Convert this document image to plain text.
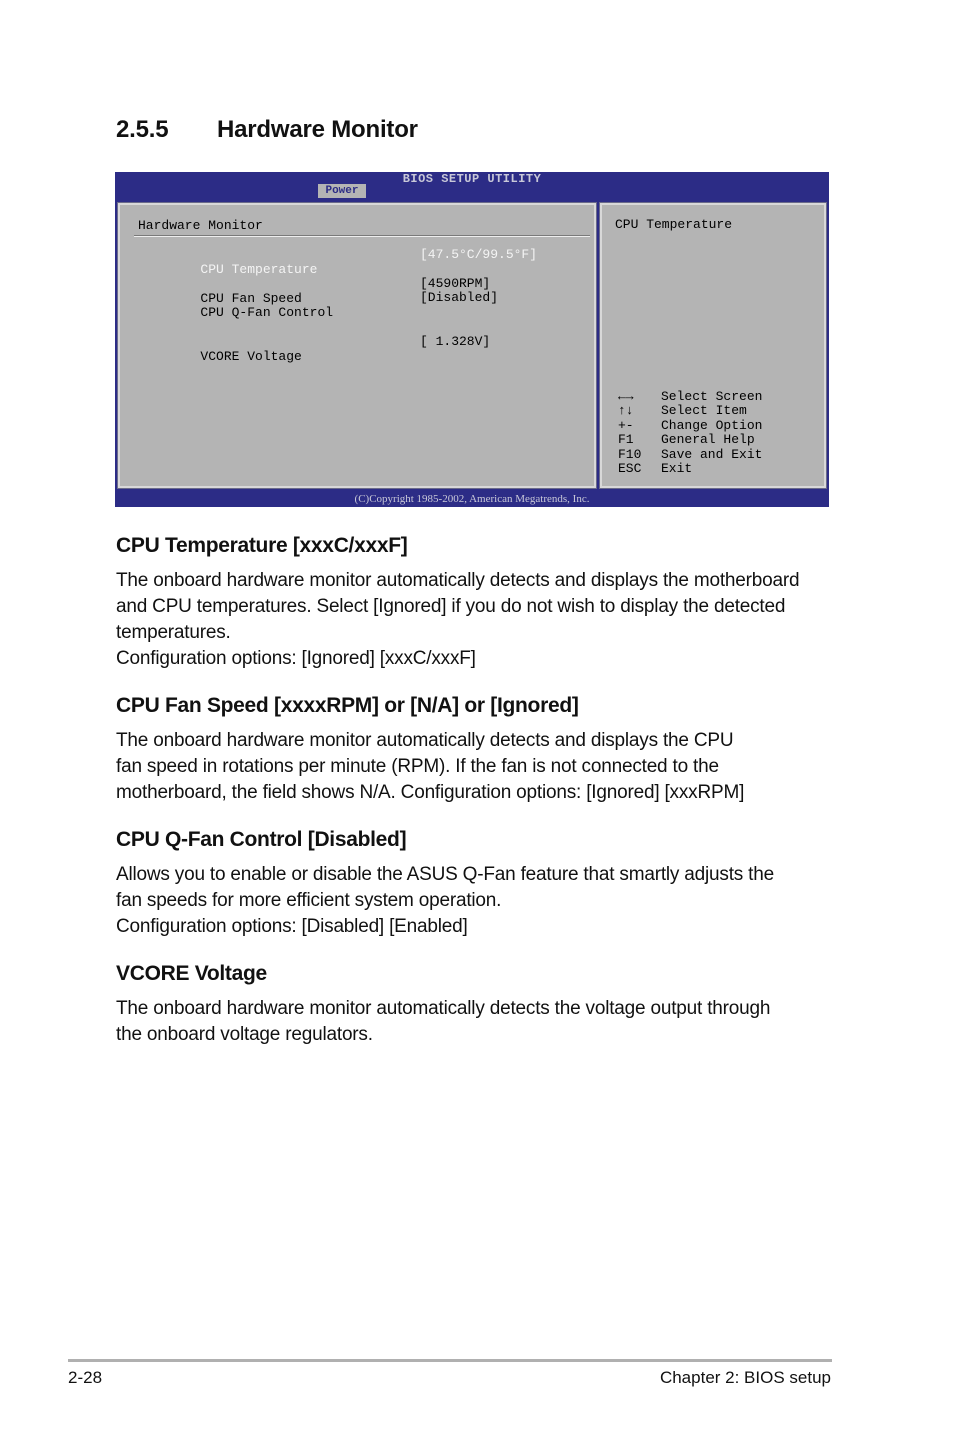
2.5.5 Hardware Monitor
BIOS SETUP UTILITY
Power
Hardware Monitor

CPU Temperature

[47.5°C/99.5°F]

CPU Fan Speed

[4590RPM]

CPU Q-Fan Control

[Disabled]

VCORE Voltage

[ 1.328V]
CPU Temperature
←→ Select Screen
↑↓ Select Item
+- Change Option
F1 General Help
F10 Save and Exit
ESC Exit
(C)Copyright 1985-2002, American Megatrends, Inc.
CPU Temperature [xxxC/xxxF]

The onboard hardware monitor automatically detects and displays the motherboard

and CPU temperatures. Select [Ignored] if you do not wish to display the detected

temperatures.

Configuration options: [Ignored] [xxxC/xxxF]

CPU Fan Speed [xxxxRPM] or [N/A] or [Ignored]

The onboard hardware monitor automatically detects and displays the CPU

fan speed in rotations per minute (RPM). If the fan is not connected to the

motherboard, the field shows N/A. Configuration options: [Ignored] [xxxRPM]

CPU Q-Fan Control [Disabled]

Allows you to enable or disable the ASUS Q-Fan feature that smartly adjusts the

fan speeds for more efficient system operation.

Configuration options: [Disabled] [Enabled]

VCORE Voltage

The onboard hardware monitor automatically detects the voltage output through

the onboard voltage regulators.

2-28	Chapter 2: BIOS setup
